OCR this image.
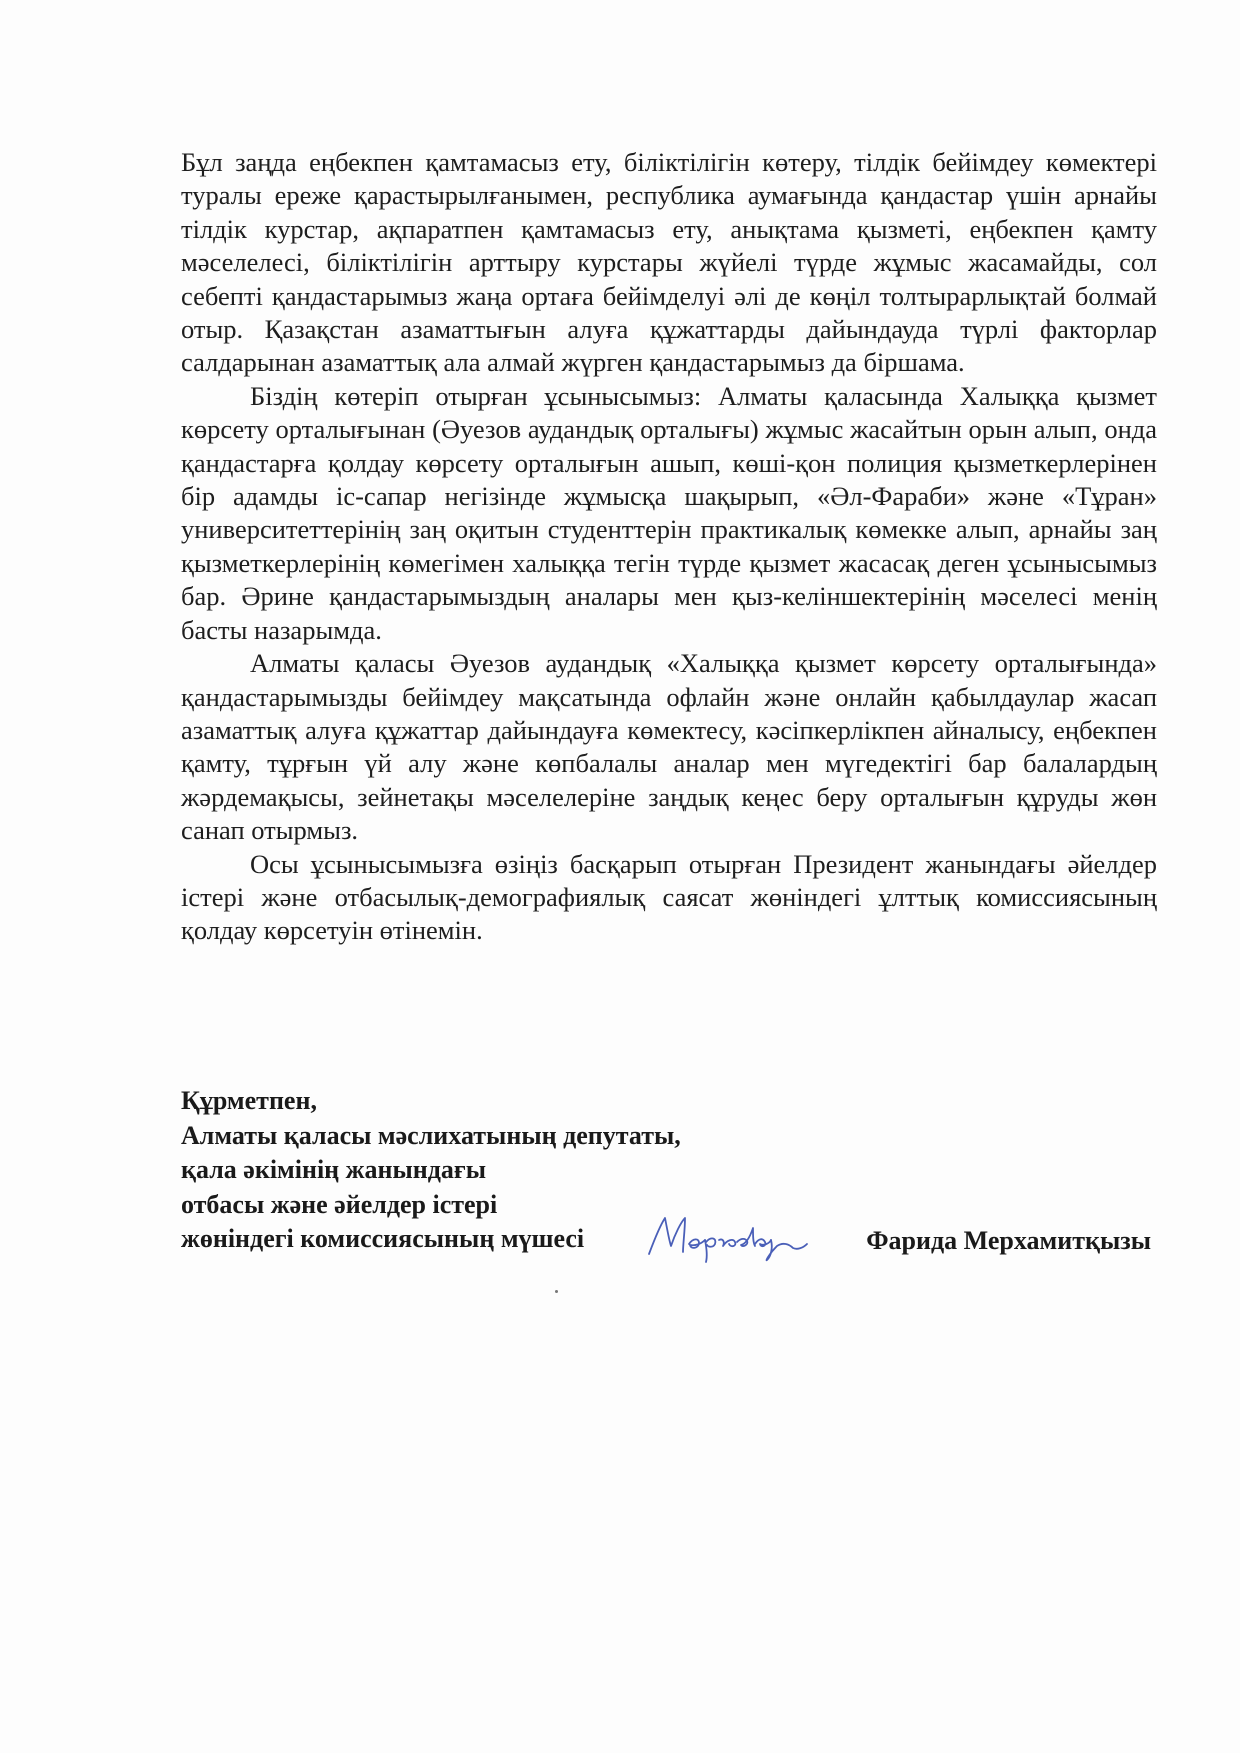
Бұл заңда еңбекпен қамтамасыз ету, біліктілігін көтеру, тілдік бейімдеу көмектері туралы ереже қарастырылғанымен, республика аумағында қандастар үшін арнайы тілдік курстар, ақпаратпен қамтамасыз ету, анықтама қызметі, еңбекпен қамту мәселелесі, біліктілігін арттыру курстары жүйелі түрде жұмыс жасамайды, сол себепті қандастарымыз жаңа ортаға бейімделуі әлі де көңіл толтырарлықтай болмай отыр. Қазақстан азаматтығын алуға құжаттарды дайындауда түрлі факторлар салдарынан азаматтық ала алмай жүрген қандастарымыз да біршама.

Біздің көтеріп отырған ұсынысымыз: Алматы қаласында Халыққа қызмет көрсету орталығынан (Әуезов аудандық орталығы) жұмыс жасайтын орын алып, онда қандастарға қолдау көрсету орталығын ашып, көші-қон полиция қызметкерлерінен бір адамды іс-сапар негізінде жұмысқа шақырып, «Әл-Фараби» және «Тұран» университеттерінің заң оқитын студенттерін практикалық көмекке алып, арнайы заң қызметкерлерінің көмегімен халыққа тегін түрде қызмет жасасақ деген ұсынысымыз бар. Әрине қандастарымыздың аналары мен қыз-келіншектерінің мәселесі менің басты назарымда.

Алматы қаласы Әуезов аудандық «Халыққа қызмет көрсету орталығында» қандастарымызды бейімдеу мақсатында офлайн және онлайн қабылдаулар жасап азаматтық алуға құжаттар дайындауға көмектесу, кәсіпкерлікпен айналысу, еңбекпен қамту, тұрғын үй алу және көпбалалы аналар мен мүгедектігі бар балалардың жәрдемақысы, зейнетақы мәселелеріне заңдық кеңес беру орталығын құруды жөн санап отырмыз.

Осы ұсынысымызға өзіңіз басқарып отырған Президент жанындағы әйелдер істері және отбасылық-демографиялық саясат жөніндегі ұлттық комиссиясының қолдау көрсетуін өтінемін.

Құрметпен,
Алматы қаласы мәслихатының депутаты,
қала әкімінің жанындағы
отбасы және әйелдер істері
жөніндегі комиссиясының мүшесі	Фарида Мерхамитқызы
